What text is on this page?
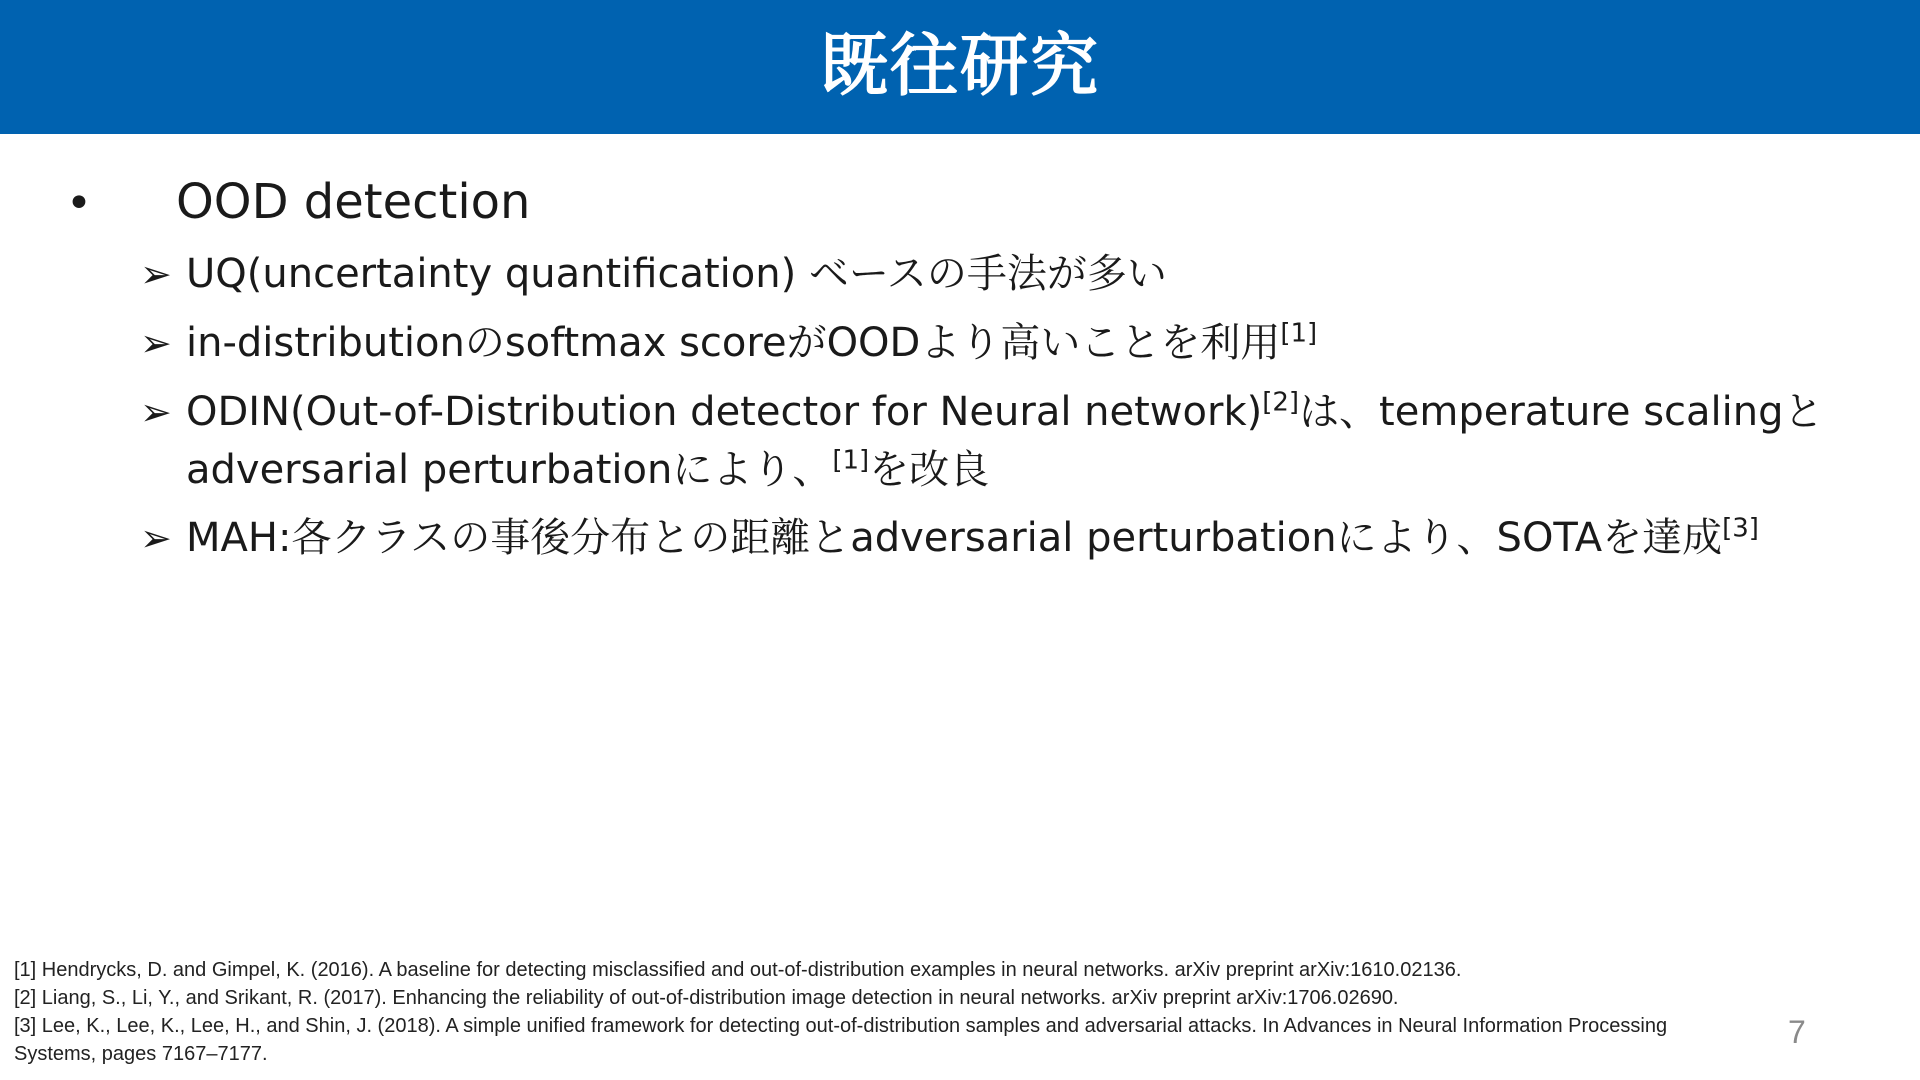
既往研究
• OOD detection
➢ UQ(uncertainty quantification) ベースの手法が多い
➢ in-distributionのsoftmax scoreがOODより高いことを利用[1]
➢ ODIN(Out-of-Distribution detector for Neural network)[2]は、temperature scalingとadversarial perturbationにより、[1]を改良
➢ MAH:各クラスの事後分布との距離とadversarial perturbationにより、SOTAを達成[3]
[1] Hendrycks, D. and Gimpel, K. (2016). A baseline for detecting misclassified and out-of-distribution examples in neural networks. arXiv preprint arXiv:1610.02136.
[2] Liang, S., Li, Y., and Srikant, R. (2017). Enhancing the reliability of out-of-distribution image detection in neural networks. arXiv preprint arXiv:1706.02690.
[3] Lee, K., Lee, K., Lee, H., and Shin, J. (2018). A simple unified framework for detecting out-of-distribution samples and adversarial attacks. In Advances in Neural Information Processing Systems, pages 7167–7177.
7
